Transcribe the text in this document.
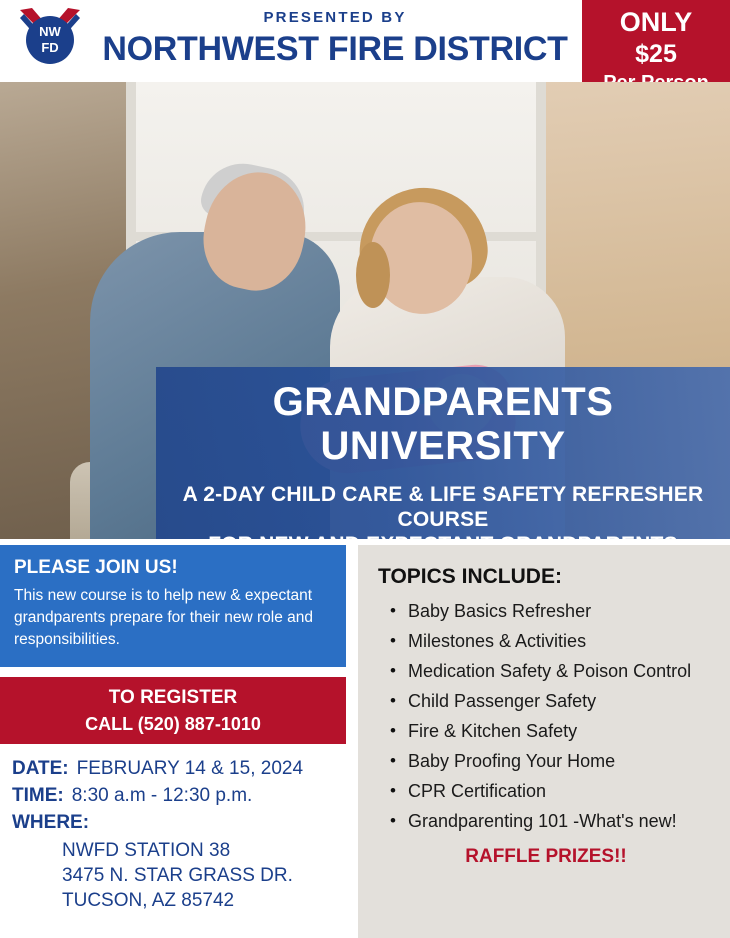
NW
FD
PRESENTED BY
NORTHWEST FIRE DISTRICT
ONLY
$25
GRANDPARENTS
UNIVERSITY
A 2-DAY CHILD CARE & LIFE SAFETY REFRESHER COURSE
PLEASE JOIN US!
This new course is to help new & expectant grandparents prepare for their new role and responsibilities.
TO REGISTER
CALL (520) 887-1010
DATE: FEBRUARY 14 & 15, 2024
TIME: 8:30 a.m - 12:30 p.m.
WHERE:
NWFD STATION 38
3475 N. STAR GRASS DR.
TUCSON, AZ 85742
TOPICS INCLUDE:
• Baby Basics Refresher
• Milestones & Activities
• Medication Safety & Poison Control
• Child Passenger Safety
• Fire & Kitchen Safety
• Baby Proofing Your Home
• CPR Certification
• Grandparenting 101 -What's new!
RAFFLE PRIZES!!
